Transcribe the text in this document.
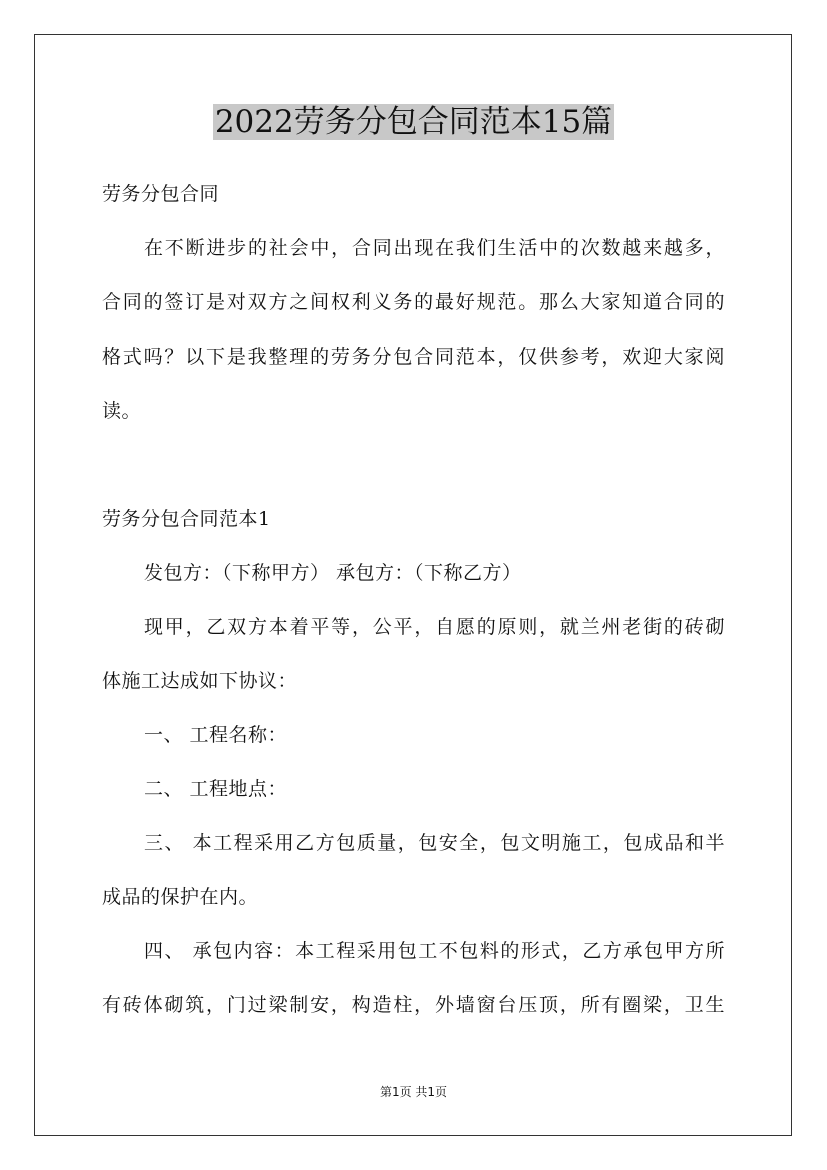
2022劳务分包合同范本15篇
劳务分包合同
在不断进步的社会中，合同出现在我们生活中的次数越来越多，
合同的签订是对双方之间权利义务的最好规范。那么大家知道合同的
格式吗？以下是我整理的劳务分包合同范本，仅供参考，欢迎大家阅
读。
劳务分包合同范本1
发包方：（下称甲方） 承包方：（下称乙方）
现甲，乙双方本着平等，公平，自愿的原则，就兰州老街的砖砌
体施工达成如下协议：
一、 工程名称：
二、 工程地点：
三、 本工程采用乙方包质量，包安全，包文明施工，包成品和半
成品的保护在内。
四、 承包内容：本工程采用包工不包料的形式，乙方承包甲方所
有砖体砌筑，门过梁制安，构造柱，外墙窗台压顶，所有圈梁，卫生
第1页 共1页
